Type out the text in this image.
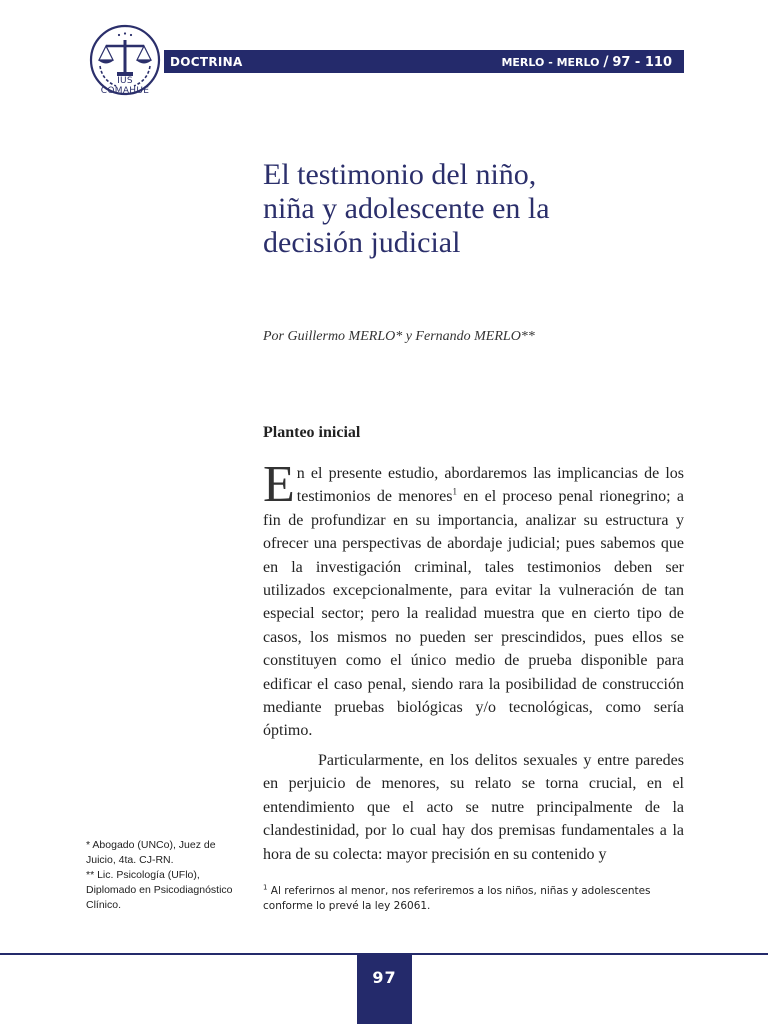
IUS
COMAHUE
DOCTRINA	MERLO - MERLO / 97 - 110
El testimonio del niño,
niña y adolescente en la
decisión judicial
Por Guillermo MERLO* y Fernando MERLO**
Planteo inicial

En el presente estudio, abordaremos las implicancias de los testimonios de menores$^1$ en el proceso penal rionegrino; a fin de profundizar en su importancia, analizar su estructura y ofrecer una perspectivas de abordaje judicial; pues sabemos que en la investigación criminal, tales testimonios deben ser utilizados excepcionalmente, para evitar la vulneración de tan especial sector; pero la realidad muestra que en cierto tipo de casos, los mismos no pueden ser prescindidos, pues ellos se constituyen como el único medio de prueba disponible para edificar el caso penal, siendo rara la posibilidad de construcción mediante pruebas biológicas y/o tecnológicas, como sería óptimo.

Particularmente, en los delitos sexuales y entre paredes en perjuicio de menores, su relato se torna crucial, en el entendimiento que el acto se nutre principalmente de la clandestinidad, por lo cual hay dos premisas fundamentales a la hora de su colecta: mayor precisión en su contenido y

* Abogado (UNCo), Juez de Juicio, 4ta. CJ-RN.
** Lic. Psicología (UFlo), Diplomado en Psicodiagnóstico Clínico.
$^1$ Al referirnos al menor, nos referiremos a los niños, niñas y adolescentes conforme lo prevé la ley 26061.
97
